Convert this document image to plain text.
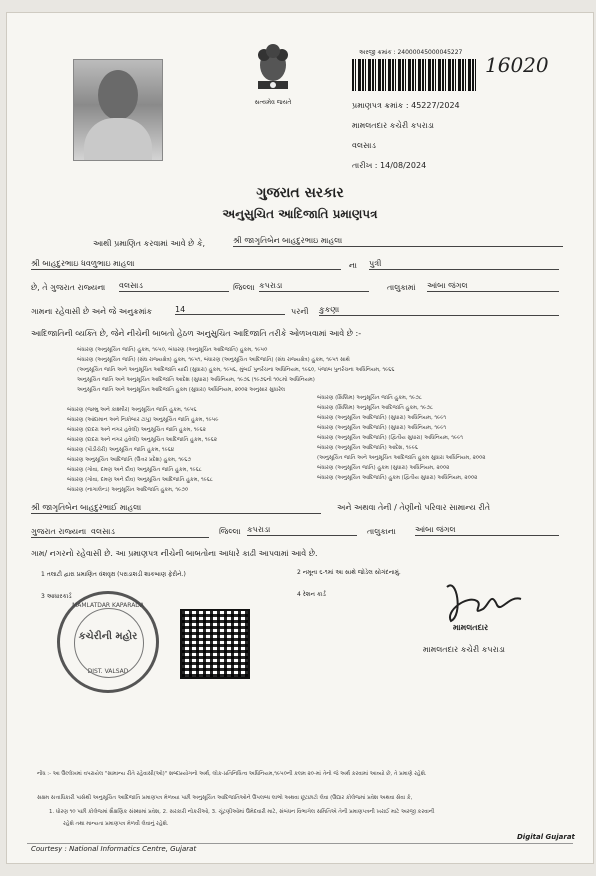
સત્યમેવ જયતે
અરજી ક્રમાંક : 24000045000045227
16020
પ્રમાણપત્ર ક્રમાંક : 45227/2024
મામલતદાર કચેરી કપરાડા
વલસાડ
તારીખ : 14/08/2024
ગુજરાત સરકાર
અનુસુચિત આદિજાતિ પ્રમાણપત્ર
આથી પ્રમાણિત કરવામાં આવે છે કે,	શ્રી જાગૃતિબેન બાહદુરભાઇ માહલા
શ્રી બાહદુરભાઇ ધવળુભાઇ માહલા	ના પુત્રી
છે, તે ગુજરાત રાજ્યના વલસાડ	જિલ્લા કપરાડા	તાલુકામાં આંબા જંગલ
ગામના રહેવાસી છે અને જે અનુક્રમાંક	14	પરની કુકણા
આદિજાતિની વ્યક્તિ છે, જેને નીચેની બાબતો હેઠળ અનુસુચિત આદિજાતિ તરીકે ઓળખવામાં આવે છે :-
બંધારણ (અનુસૂચિત જાતિ) હુકમ, ૧૯૫૦, બંધારણ (અનુસૂચિત આદિજાતિ) હુકમ, ૧૯૫૦
બંધારણ (અનુસૂચિત જાતિ) (સંઘ રાજ્યક્ષેત્ર) હુકમ, ૧૯૫૧, બંધારણ (અનુસૂચિત આદિજાતિ) (સંઘ રાજ્યક્ષેત્ર) હુકમ, ૧૯૫૧ સાથે
(અનુસૂચિત જાતિ અને અનુસૂચિત આદિજાતિ યાદી (સુધારા) હુકમ, ૧૯૫૬, મુંબઈ પુનર્રચના અધિનિયમ, ૧૯૬૦, પંજાબ પુનર્રચના અધિનિયમ, ૧૯૬૬
અનુસૂચિત જાતિ અને અનુસૂચિત આદિજાતિ આદેશ (સુધારા) અધિનિયમ, ૧૯૭૬ (૧૯૭૬નો ૧૦૮મો અધિનિયમ)
અનુસૂચિત જાતિ અને અનુસૂચિત આદિજાતિ હુકમ (સુધારા) અધિનિયમ, ૨૦૦૨ અનુસાર સુધારેલ
બંધારણ (જમ્મુ અને કાશ્મીર) અનુસૂચિત જાતિ હુકમ, ૧૯૫૬
બંધારણ (આંદામાન અને નિકોબાર ટાપુ) અનુસૂચિત જાતિ હુકમ, ૧૯૫૯
બંધારણ (દાદરા અને નગર હવેલી) અનુસૂચિત જાતિ હુકમ, ૧૯૬૨
બંધારણ (દાદરા અને નગર હવેલી) અનુસૂચિત આદિજાતિ હુકમ, ૧૯૬૨
બંધારણ (પોંડીચેરી) અનુસૂચિત જાતિ હુકમ, ૧૯૬૪
બંધારણ અનુસૂચિત આદિજાતિ (ઉત્તર પ્રદેશ) હુકમ, ૧૯૬૭
બંધારણ (ગોવા, દમણ અને દીવ) અનુસૂચિત જાતિ હુકમ, ૧૯૬૮
બંધારણ (ગોવા, દમણ અને દીવ) અનુસૂચિત આદિજાતિ હુકમ, ૧૯૬૮
બંધારણ (નાગાલેન્ડ) અનુસૂચિત આદિજાતિ હુકમ, ૧૯૭૦
બંધારણ (સિક્કિમ) અનુસૂચિત જાતિ હુકમ, ૧૯૭૮
બંધારણ (સિક્કિમ) અનુસૂચિત આદિજાતિ હુકમ, ૧૯૭૮
બંધારણ (અનુસૂચિત આદિજાતિ) (સુધારા) અધિનિયમ, ૧૯૯૧
બંધારણ (અનુસૂચિત આદિજાતિ) (સુધારા) અધિનિયમ, ૧૯૯૧
બંધારણ (અનુસૂચિત આદિજાતિ) (દ્વિતીય સુધારા) અધિનિયમ, ૧૯૯૧
બંધારણ (અનુસૂચિત આદિજાતિ) આદેશ, ૧૯૯૬
(અનુસૂચિત જાતિ અને અનુસૂચિત આદિજાતિ હુકમ સુધારા અધિનિયમ, ૨૦૦૨
બંધારણ (અનુસૂચિત જાતિ) હુકમ (સુધારા) અધિનિયમ, ૨૦૦૨
બંધારણ (અનુસૂચિત આદિજાતિ) હુકમ (દ્વિતીય સુધારા) અધિનિયમ, ૨૦૦૨
શ્રી જાગૃતિબેન બાહદુરભાઈ માહલા	અને અથવા તેની / તેણીનો પરિવાર સામાન્ય રીતે
ગુજરાત રાજ્યના વલસાડ	જિલ્લા કપરાડા	તાલુકાના આંબા જંગલ
ગામ/ નગરનો રહેવાસી છે. આ પ્રમાણપત્ર નીચેની બાબતોના આધારે કાઢી આપવામાં આવે છે.
1 તલાટી દ્વારા પ્રમાણિત વંશવૃક્ષ (પરાડાશડી શાકબાણ ફેરીને.)	2 નમૂના ૬-૧માં આ સાથે જોડેલ સોગંદનામું.
3 આધારકાર્ડ	4 રેશન કાર્ડ
MAMLATDAR KAPARADA
કચેરીની મહોર
DIST. VALSAD
મામલતદાર
મામલતદાર કચેરી કપરાડા
નોંધ :- આ ઉલ્લેખમાં વપરાયેલ "સામાન્ય રીતે રહેવાસી(ઓ)" શબ્દપ્રયોગનો અર્થ, લોક-પ્રતિનિધિત્વ અધિનિયમ,૧૯૫૦ની કલમ ૨૦-માં તેનો જે અર્થ કરવામાં આવ્યો છે, તે પ્રમાણે રહેશે.
સક્ષમ સત્તાધિકારી પાસેથી અનુસૂચિત આદિજાતિ પ્રમાણપત્ર મેળવ્યા પછી અનુસૂચિત આદિજાતિઓને ઉપલબ્ધ લાભો અથવા છૂટછાટો લેવા (ઉદ્યાર કોલેજમાં પ્રવેશ અથવા સેવા કે,
1. ધોરણ ૧૦ પછી કોલેજમાં શૈક્ષણિક સંસ્થામાં પ્રવેશ, 2. સરકારી નોકરીઓ, 3. ચૂંટણીઓમાં ઉમેદવારી માટે, સંબંધન વિભાગેલ સમિતિએ તેની પ્રમાણપત્રની ખરાઈ માટે અરજી કરવાની
રહેશે તથા માન્યતા પ્રમાણપત્ર મેળવી લેવાનું રહેશે.
Courtesy : National Informatics Centre, Gujarat
Digital Gujarat
